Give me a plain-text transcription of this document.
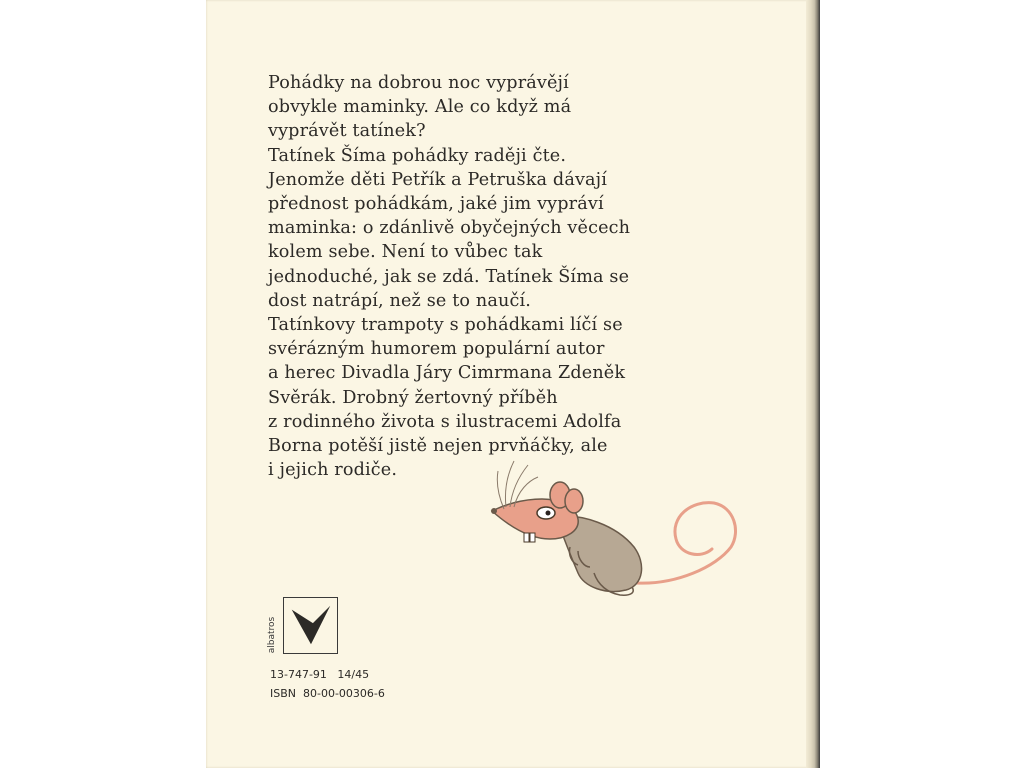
Pohádky na dobrou noc vyprávějí
obvykle maminky. Ale co když má
vyprávět tatínek?
Tatínek Šíma pohádky raději čte.
Jenomže děti Petřík a Petruška dávají
přednost pohádkám, jaké jim vypráví
maminka: o zdánlivě obyčejných věcech
kolem sebe. Není to vůbec tak
jednoduché, jak se zdá. Tatínek Šíma se
dost natrápí, než se to naučí.
Tatínkovy trampoty s pohádkami líčí se
svérázným humorem populární autor
a herec Divadla Járy Cimrmana Zdeněk
Svěrák. Drobný žertovný příběh
z rodinného života s ilustracemi Adolfa
Borna potěší jistě nejen prvňáčky, ale
i jejich rodiče.

albatros
13-747-91   14/45
ISBN  80-00-00306-6
